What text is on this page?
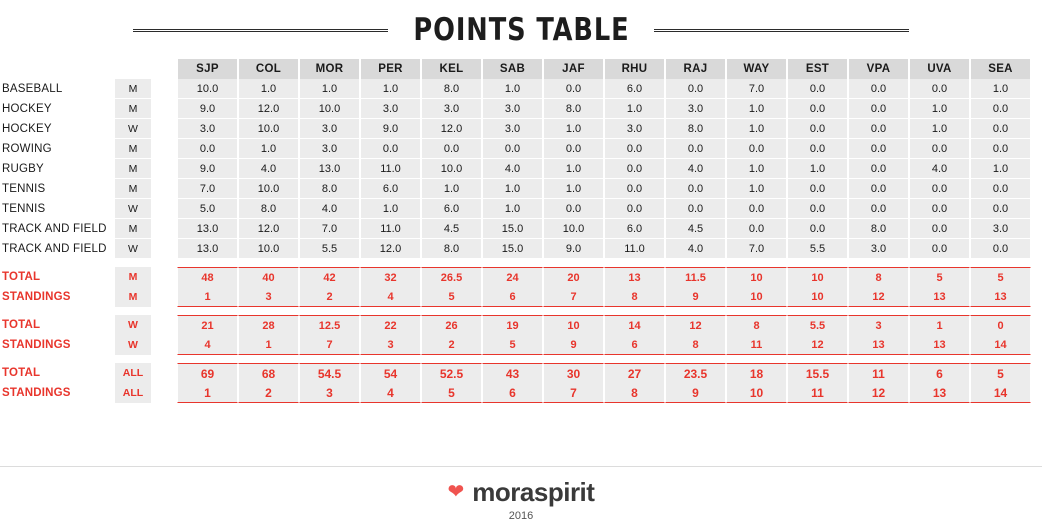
POINTS TABLE
			SJP	COL	MOR	PER	KEL	SAB	JAF	RHU	RAJ	WAY	EST	VPA	UVA	SEA
BASEBALL	M		10.0	1.0	1.0	1.0	8.0	1.0	0.0	6.0	0.0	7.0	0.0	0.0	0.0	1.0
HOCKEY	M		9.0	12.0	10.0	3.0	3.0	3.0	8.0	1.0	3.0	1.0	0.0	0.0	1.0	0.0
HOCKEY	W		3.0	10.0	3.0	9.0	12.0	3.0	1.0	3.0	8.0	1.0	0.0	0.0	1.0	0.0
ROWING	M		0.0	1.0	3.0	0.0	0.0	0.0	0.0	0.0	0.0	0.0	0.0	0.0	0.0	0.0
RUGBY	M		9.0	4.0	13.0	11.0	10.0	4.0	1.0	0.0	4.0	1.0	1.0	0.0	4.0	1.0
TENNIS	M		7.0	10.0	8.0	6.0	1.0	1.0	1.0	0.0	0.0	1.0	0.0	0.0	0.0	0.0
TENNIS	W		5.0	8.0	4.0	1.0	6.0	1.0	0.0	0.0	0.0	0.0	0.0	0.0	0.0	0.0
TRACK AND FIELD	M		13.0	12.0	7.0	11.0	4.5	15.0	10.0	6.0	4.5	0.0	0.0	8.0	0.0	3.0
TRACK AND FIELD	W		13.0	10.0	5.5	12.0	8.0	15.0	9.0	11.0	4.0	7.0	5.5	3.0	0.0	0.0

TOTAL	M		48	40	42	32	26.5	24	20	13	11.5	10	10	8	5	5
STANDINGS	M		1	3	2	4	5	6	7	8	9	10	10	12	13	13

TOTAL	W		21	28	12.5	22	26	19	10	14	12	8	5.5	3	1	0
STANDINGS	W		4	1	7	3	2	5	9	6	8	11	12	13	13	14

TOTAL	ALL		69	68	54.5	54	52.5	43	30	27	23.5	18	15.5	11	6	5
STANDINGS	ALL		1	2	3	4	5	6	7	8	9	10	11	12	13	14
❤ moraspirit
2016
